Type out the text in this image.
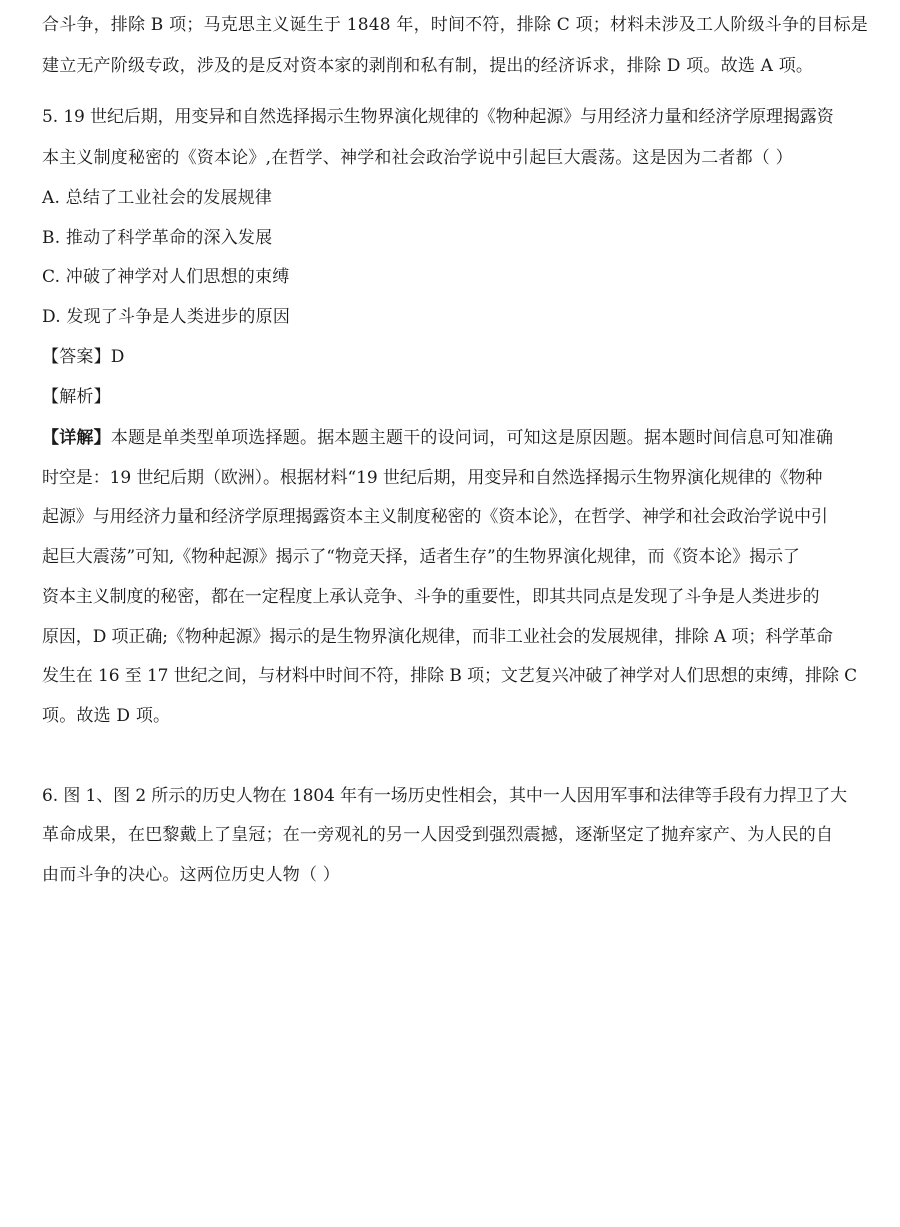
合斗争，排除 B 项；马克思主义诞生于 1848 年，时间不符，排除 C 项；材料未涉及工人阶级斗争的目标是
建立无产阶级专政，涉及的是反对资本家的剥削和私有制，提出的经济诉求，排除 D 项。故选 A 项。
5. 19 世纪后期，用变异和自然选择揭示生物界演化规律的《物种起源》与用经济力量和经济学原理揭露资
本主义制度秘密的《资本论》,在哲学、神学和社会政治学说中引起巨大震荡。这是因为二者都（ ）
A. 总结了工业社会的发展规律
B. 推动了科学革命的深入发展
C. 冲破了神学对人们思想的束缚
D. 发现了斗争是人类进步的原因
【答案】D
【解析】
【详解】本题是单类型单项选择题。据本题主题干的设问词，可知这是原因题。据本题时间信息可知准确
时空是：19 世纪后期（欧洲）。根据材料“19 世纪后期，用变异和自然选择揭示生物界演化规律的《物种
起源》与用经济力量和经济学原理揭露资本主义制度秘密的《资本论》，在哲学、神学和社会政治学说中引
起巨大震荡”可知,《物种起源》揭示了“物竞天择，适者生存”的生物界演化规律，而《资本论》揭示了
资本主义制度的秘密，都在一定程度上承认竞争、斗争的重要性，即其共同点是发现了斗争是人类进步的
原因，D 项正确;《物种起源》揭示的是生物界演化规律，而非工业社会的发展规律，排除 A 项；科学革命
发生在 16 至 17 世纪之间，与材料中时间不符，排除 B 项；文艺复兴冲破了神学对人们思想的束缚，排除 C
项。故选 D 项。
6. 图 1、图 2 所示的历史人物在 1804 年有一场历史性相会，其中一人因用军事和法律等手段有力捍卫了大
革命成果，在巴黎戴上了皇冠；在一旁观礼的另一人因受到强烈震撼，逐渐坚定了抛弃家产、为人民的自
由而斗争的决心。这两位历史人物（ ）
